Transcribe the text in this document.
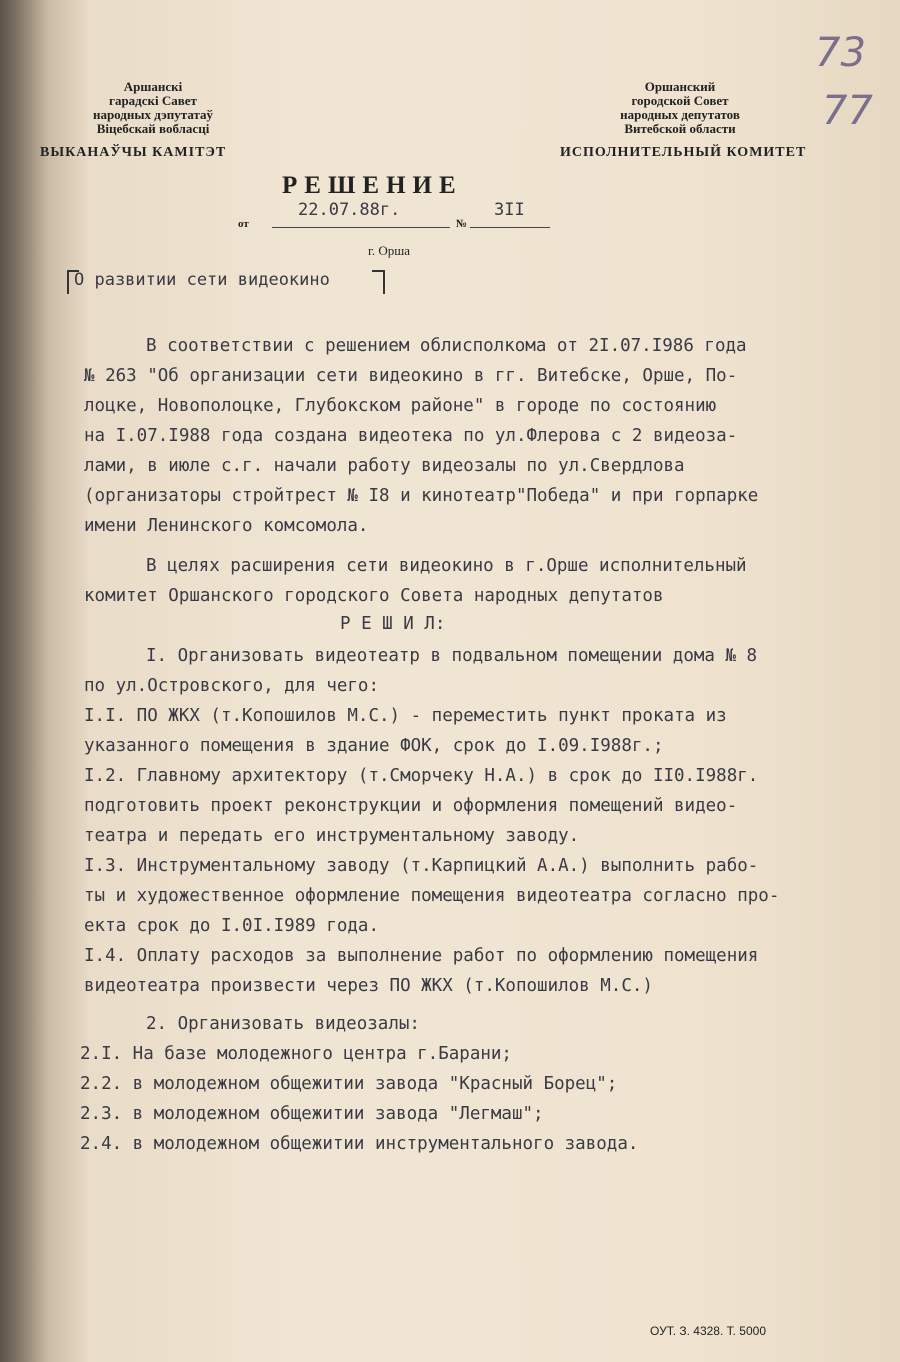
Аршанскі
гарадскі Савет
народных дэпутатаў
Віцебскай вобласці
ВЫКАНАЎЧЫ КАМІТЭТ
Оршанский
городской Совет
народных депутатов
Витебской области
ИСПОЛНИТЕЛЬНЫЙ КОМИТЕТ
73
77
РЕШЕНИЕ
от
22.07.88г.
№
3II
г. Орша
О развитии сети видеокино
В соответствии с решением облисполкома от 2I.07.I986 года
№ 263 "Об организации сети видеокино в гг. Витебске, Орше, По-
лоцке, Новополоцке, Глубокском районе" в городе по состоянию
на I.07.I988 года создана видеотека по ул.Флерова с 2 видеоза-
лами, в июле с.г. начали работу видеозалы по ул.Свердлова
(организаторы стройтрест № I8 и кинотеатр"Победа" и при горпарке
имени Ленинского комсомола.
В целях расширения сети видеокино в г.Орше исполнительный
комитет Оршанского городского Совета народных депутатов
Р Е Ш И Л:
I. Организовать видеотеатр в подвальном помещении дома № 8
по ул.Островского, для чего:
I.I. ПО ЖКХ (т.Копошилов М.С.) - переместить пункт проката из
указанного помещения в здание ФОК, срок до I.09.I988г.;
I.2. Главному архитектору (т.Сморчеку Н.А.) в срок до II0.I988г.
подготовить проект реконструкции и оформления помещений видео-
театра и передать его инструментальному заводу.
I.3. Инструментальному заводу (т.Карпицкий А.А.) выполнить рабо-
ты и художественное оформление помещения видеотеатра согласно про-
екта срок до I.0I.I989 года.
I.4. Оплату расходов за выполнение работ по оформлению помещения
видеотеатра произвести через ПО ЖКХ (т.Копошилов М.С.)
2. Организовать видеозалы:
2.I. На базе молодежного центра г.Барани;
2.2. в молодежном общежитии завода "Красный Борец";
2.3. в молодежном общежитии завода "Легмаш";
2.4. в молодежном общежитии инструментального завода.
ОУТ. З. 4328. Т. 5000
